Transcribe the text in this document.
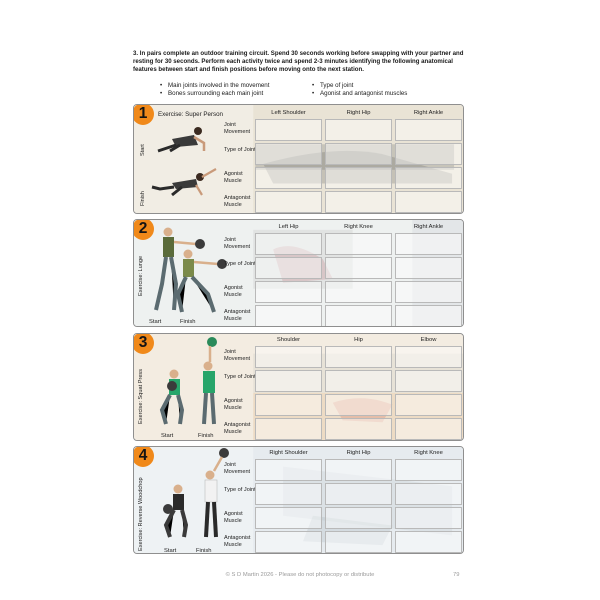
3. In pairs complete an outdoor training circuit. Spend 30 seconds working before swapping with your partner and resting for 30 seconds. Perform each activity twice and spend 2-3 minutes identifying the following anatomical features between start and finish positions before moving onto the next station.
• Main joints involved in the movement	• Type of joint
• Bones surrounding each main joint	• Agonist and antagonist muscles
1	Exercise: Super Person
Start
Finish
Left Shoulder	Right Hip	Right Ankle
Joint Movement
Type of Joint
Agonist Muscle
Antagonist Muscle
2
Exercise: Lunge
Start	Finish
Left Hip	Right Knee	Right Ankle
Joint Movement
Type of Joint
Agonist Muscle
Antagonist Muscle
3
Exercise: Squat Press
Start	Finish
Shoulder	Hip	Elbow
Joint Movement
Type of Joint
Agonist Muscle
Antagonist Muscle
4
Exercise: Reverse Woodchop	Start	Finish
Right Shoulder	Right Hip	Right Knee
Joint Movement
Type of Joint
Agonist Muscle
Antagonist Muscle
© S D Martin 2026 - Please do not photocopy or distribute	79
